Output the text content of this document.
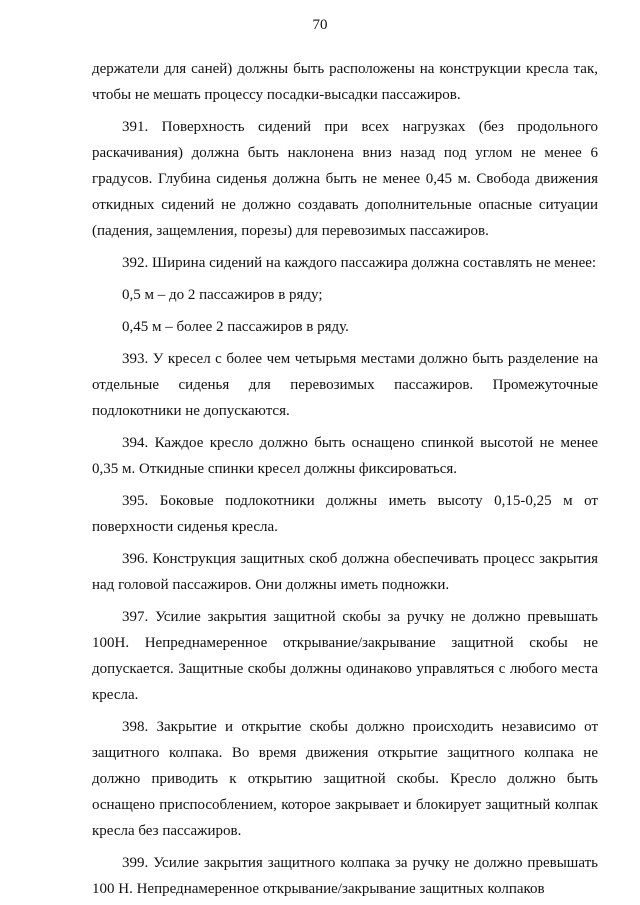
70

держатели для саней) должны быть расположены на конструкции кресла так, чтобы не мешать процессу посадки-высадки пассажиров.

391. Поверхность сидений при всех нагрузках (без продольного раскачивания) должна быть наклонена вниз назад под углом не менее 6 градусов. Глубина сиденья должна быть не менее 0,45 м. Свобода движения откидных сидений не должно создавать дополнительные опасные ситуации (падения, защемления, порезы) для перевозимых пассажиров.

392. Ширина сидений на каждого пассажира должна составлять не менее:

0,5 м – до 2 пассажиров в ряду;

0,45 м – более 2 пассажиров в ряду.

393. У кресел с более чем четырьмя местами должно быть разделение на отдельные сиденья для перевозимых пассажиров. Промежуточные подлокотники не допускаются.

394. Каждое кресло должно быть оснащено спинкой высотой не менее 0,35 м. Откидные спинки кресел должны фиксироваться.

395. Боковые подлокотники должны иметь высоту 0,15-0,25 м от поверхности сиденья кресла.

396. Конструкция защитных скоб должна обеспечивать процесс закрытия над головой пассажиров. Они должны иметь подножки.

397. Усилие закрытия защитной скобы за ручку не должно превышать 100Н. Непреднамеренное открывание/закрывание защитной скобы не допускается. Защитные скобы должны одинаково управляться с любого места кресла.

398. Закрытие и открытие скобы должно происходить независимо от защитного колпака. Во время движения открытие защитного колпака не должно приводить к открытию защитной скобы. Кресло должно быть оснащено приспособлением, которое закрывает и блокирует защитный колпак кресла без пассажиров.

399. Усилие закрытия защитного колпака за ручку не должно превышать 100 Н. Непреднамеренное открывание/закрывание защитных колпаков
